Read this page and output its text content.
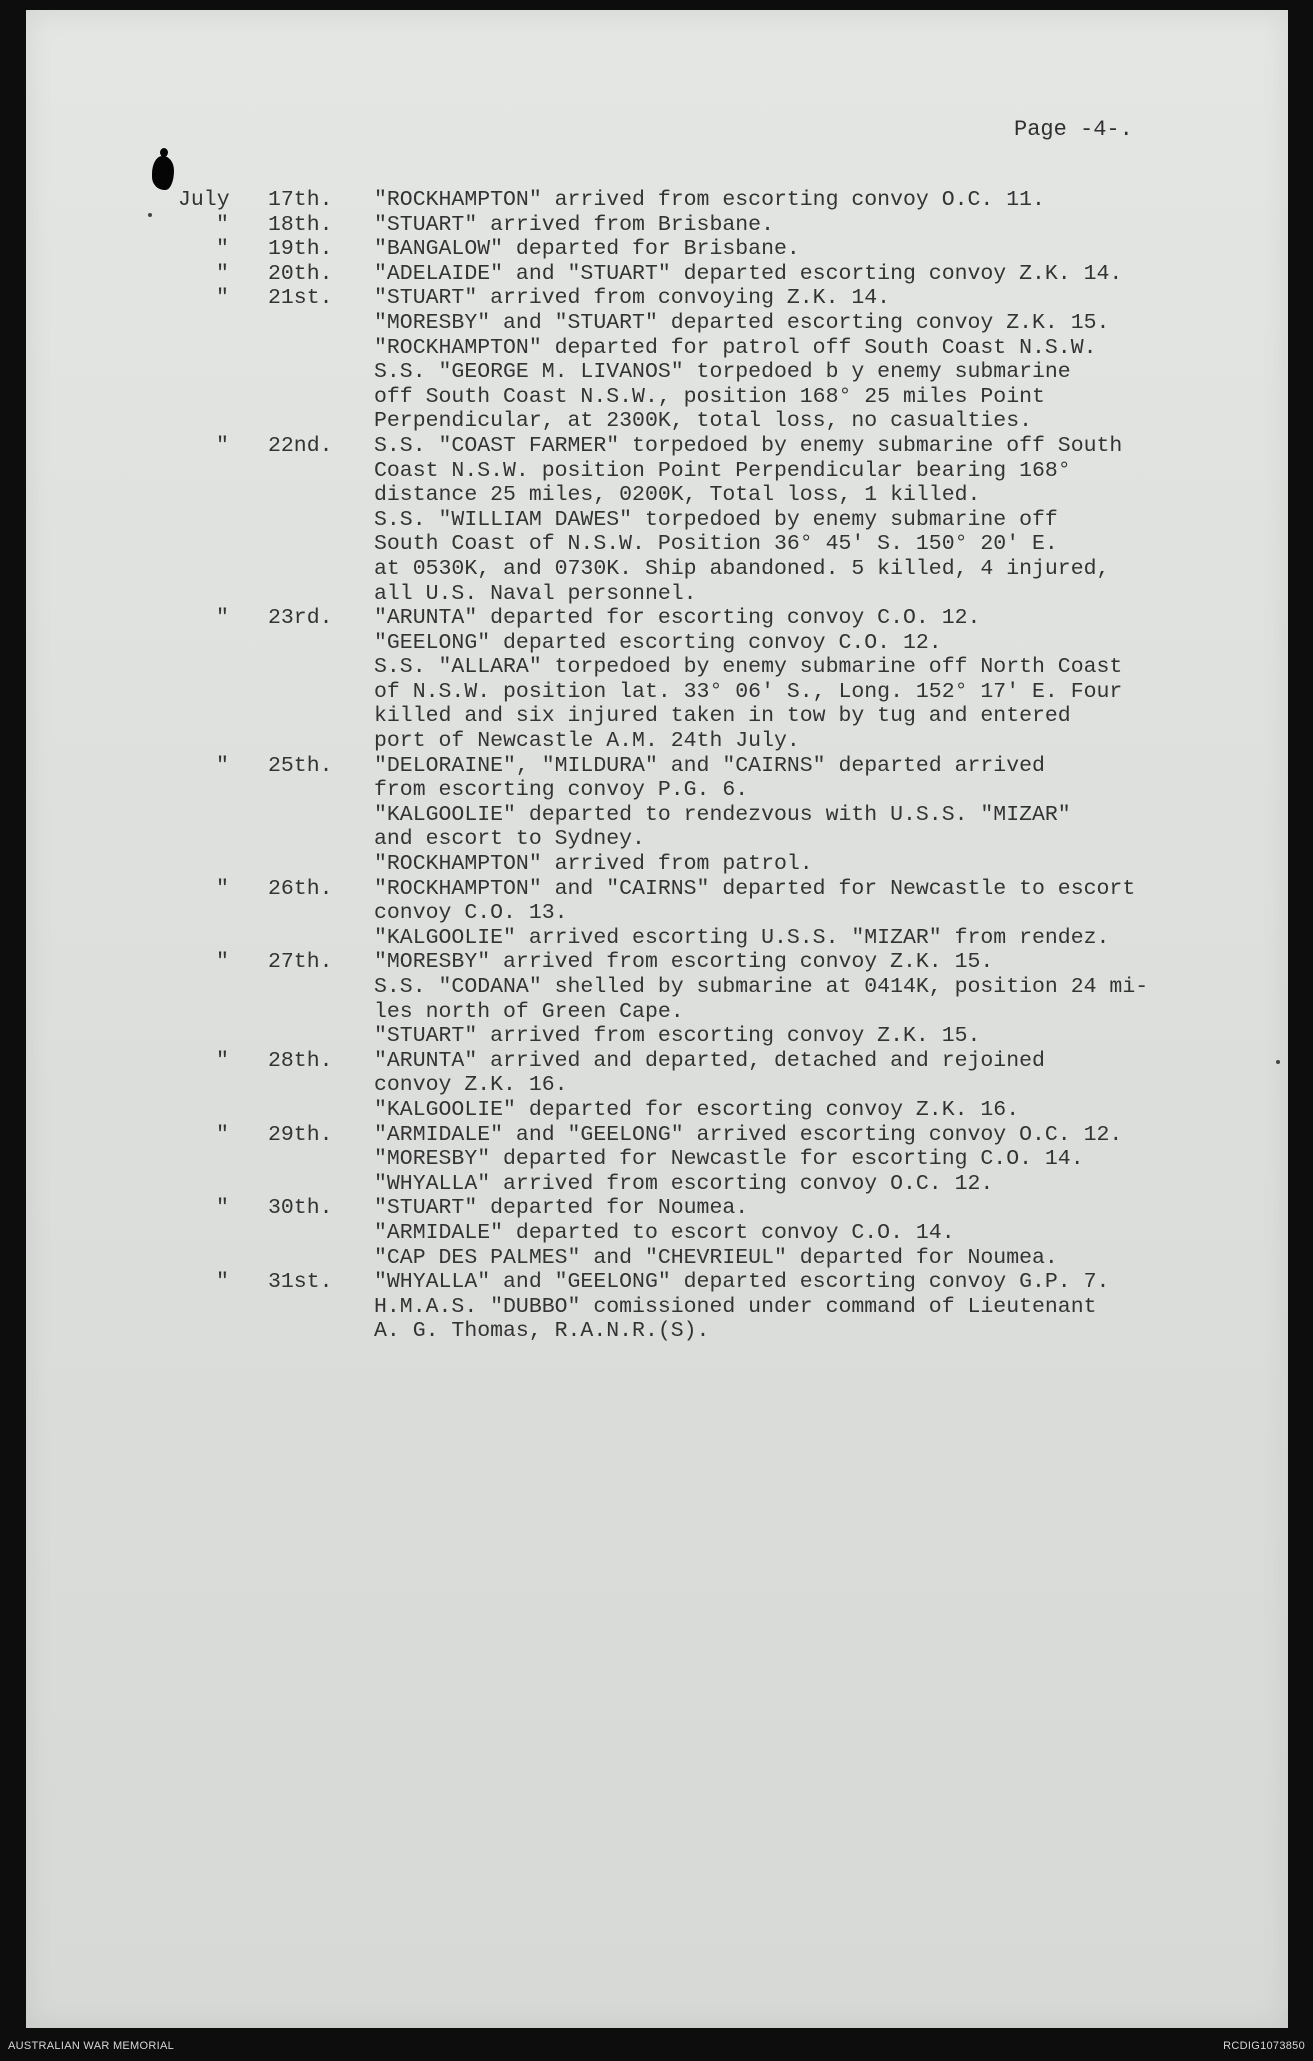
Page -4-.
July 17th. "ROCKHAMPTON" arrived from escorting convoy O.C. 11.
" 18th. "STUART" arrived from Brisbane.
" 19th. "BANGALOW" departed for Brisbane.
" 20th. "ADELAIDE" and "STUART" departed escorting convoy Z.K. 14.
" 21st. "STUART" arrived from convoying Z.K. 14.
"MORESBY" and "STUART" departed escorting convoy Z.K. 15.
"ROCKHAMPTON" departed for patrol off South Coast N.S.W.
S.S. "GEORGE M. LIVANOS" torpedoed b y enemy submarine
off South Coast N.S.W., position 168° 25 miles Point
Perpendicular, at 2300K, total loss, no casualties.
" 22nd. S.S. "COAST FARMER" torpedoed by enemy submarine off South
Coast N.S.W. position Point Perpendicular bearing 168°
distance 25 miles, 0200K, Total loss, 1 killed.
S.S. "WILLIAM DAWES" torpedoed by enemy submarine off
South Coast of N.S.W. Position 36° 45' S. 150° 20' E.
at 0530K, and 0730K. Ship abandoned. 5 killed, 4 injured,
all U.S. Naval personnel.
" 23rd. "ARUNTA" departed for escorting convoy C.O. 12.
"GEELONG" departed escorting convoy C.O. 12.
S.S. "ALLARA" torpedoed by enemy submarine off North Coast
of N.S.W. position lat. 33° 06' S., Long. 152° 17' E. Four
killed and six injured taken in tow by tug and entered
port of Newcastle A.M. 24th July.
" 25th. "DELORAINE", "MILDURA" and "CAIRNS" departed arrived
from escorting convoy P.G. 6.
"KALGOOLIE" departed to rendezvous with U.S.S. "MIZAR"
and escort to Sydney.
"ROCKHAMPTON" arrived from patrol.
" 26th. "ROCKHAMPTON" and "CAIRNS" departed for Newcastle to escort
convoy C.O. 13.
"KALGOOLIE" arrived escorting U.S.S. "MIZAR" from rendez.
" 27th. "MORESBY" arrived from escorting convoy Z.K. 15.
S.S. "CODANA" shelled by submarine at 0414K, position 24 mi-
les north of Green Cape.
"STUART" arrived from escorting convoy Z.K. 15.
" 28th. "ARUNTA" arrived and departed, detached and rejoined
convoy Z.K. 16.
"KALGOOLIE" departed for escorting convoy Z.K. 16.
" 29th. "ARMIDALE" and "GEELONG" arrived escorting convoy O.C. 12.
"MORESBY" departed for Newcastle for escorting C.O. 14.
"WHYALLA" arrived from escorting convoy O.C. 12.
" 30th. "STUART" departed for Noumea.
"ARMIDALE" departed to escort convoy C.O. 14.
"CAP DES PALMES" and "CHEVRIEUL" departed for Noumea.
" 31st. "WHYALLA" and "GEELONG" departed escorting convoy G.P. 7.
H.M.A.S. "DUBBO" comissioned under command of Lieutenant
A. G. Thomas, R.A.N.R.(S).
AUSTRALIAN WAR MEMORIAL	RCDIG1073850
